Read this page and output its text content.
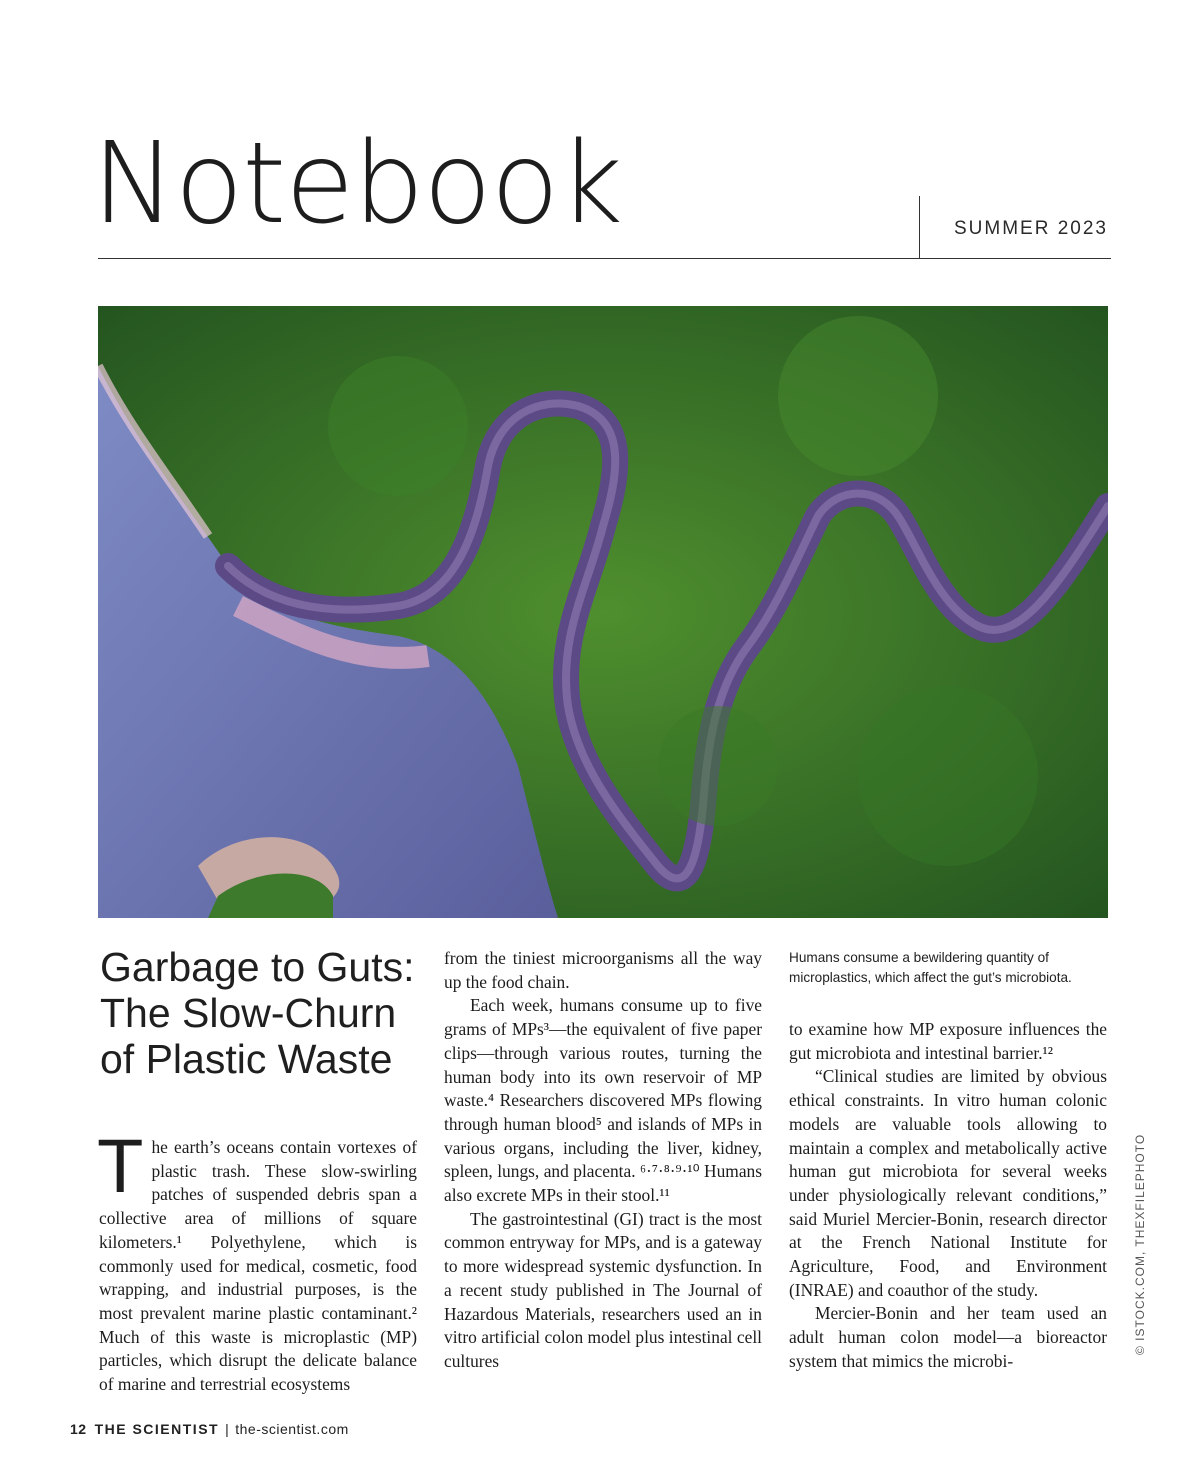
Notebook	SUMMER 2023
Humans consume a bewildering quantity of microplastics, which affect the gut’s microbiota.
Garbage to Guts: The Slow-Churn of Plastic Waste

The earth’s oceans contain vortexes of plastic trash. These slow-swirling patches of suspended debris span a collective area of millions of square kilometers.¹ Polyethylene, which is commonly used for medical, cosmetic, food wrapping, and industrial purposes, is the most prevalent marine plastic contaminant.² Much of this waste is microplastic (MP) particles, which disrupt the delicate balance of marine and terrestrial ecosystems

from the tiniest microorganisms all the way up the food chain.

Each week, humans consume up to five grams of MPs³—the equivalent of five paper clips—through various routes, turning the human body into its own reservoir of MP waste.⁴ Researchers discovered MPs flowing through human blood⁵ and islands of MPs in various organs, including the liver, kidney, spleen, lungs, and placenta. ⁶·⁷·⁸·⁹·¹⁰ Humans also excrete MPs in their stool.¹¹

The gastrointestinal (GI) tract is the most common entryway for MPs, and is a gateway to more widespread systemic dysfunction. In a recent study published in The Journal of Hazardous Materials, researchers used an in vitro artificial colon model plus intestinal cell cultures

to examine how MP exposure influences the gut microbiota and intestinal barrier.¹²

“Clinical studies are limited by obvious ethical constraints. In vitro human colonic models are valuable tools allowing to maintain a complex and metabolically active human gut microbiota for several weeks under physiologically relevant conditions,” said Muriel Mercier-Bonin, research director at the French National Institute for Agriculture, Food, and Environment (INRAE) and coauthor of the study.

Mercier-Bonin and her team used an adult human colon model—a bioreactor system that mimics the microbi-

© ISTOCK.COM, THEXFILEPHOTO
12 THE SCIENTIST | the-scientist.com
